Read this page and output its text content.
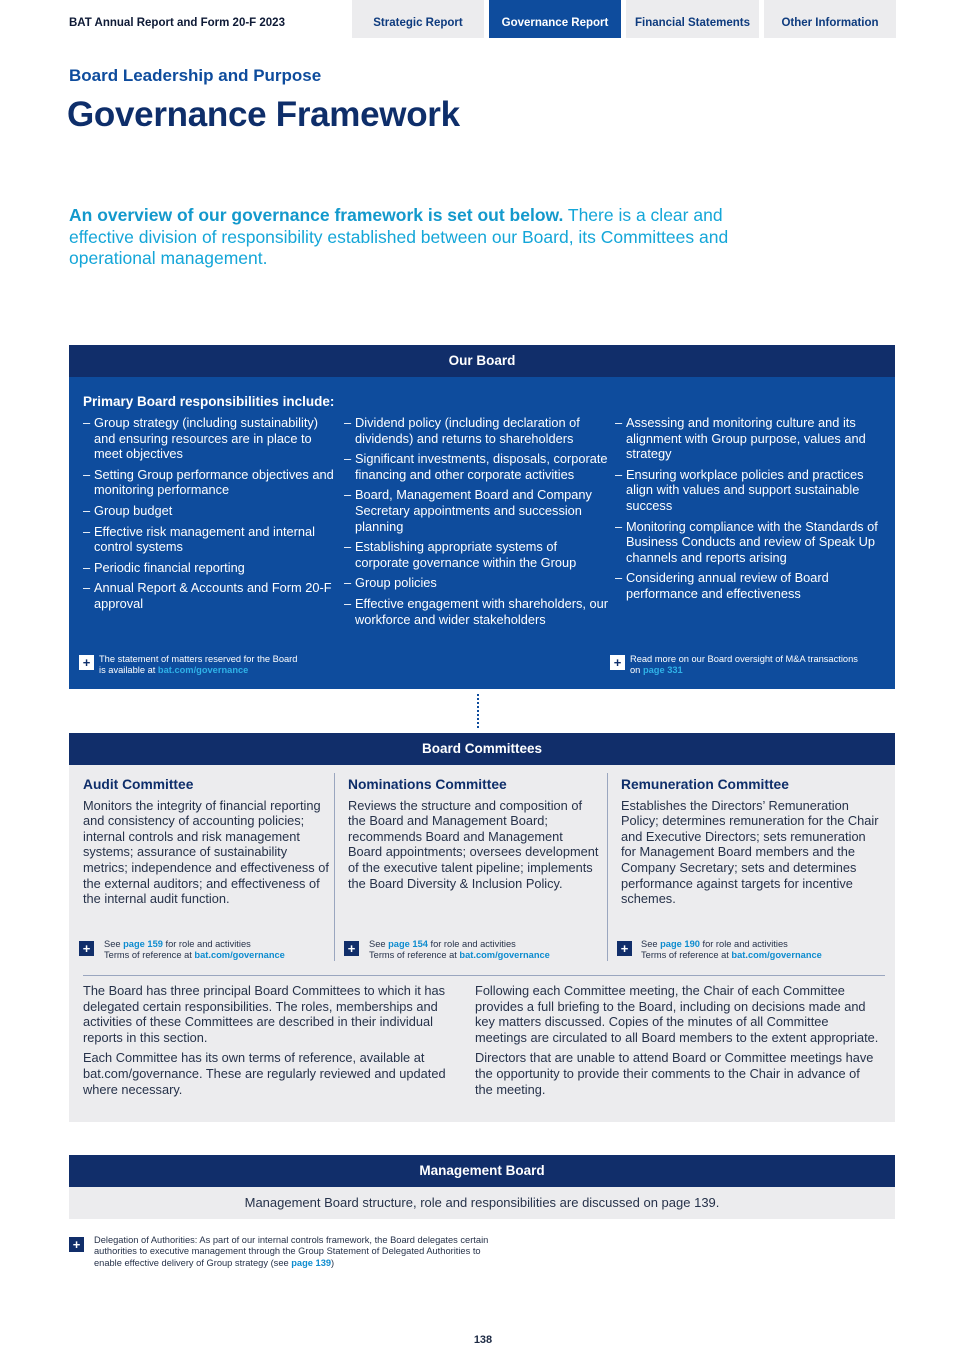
BAT Annual Report and Form 20-F 2023	Strategic Report	Governance Report	Financial Statements	Other Information
Board Leadership and Purpose
Governance Framework
An overview of our governance framework is set out below. There is a clear and effective division of responsibility established between our Board, its Committees and operational management.
Our Board
Primary Board responsibilities include:
– Group strategy (including sustainability) and ensuring resources are in place to meet objectives
– Setting Group performance objectives and monitoring performance
– Group budget
– Effective risk management and internal control systems
– Periodic financial reporting
– Annual Report & Accounts and Form 20-F approval
– Dividend policy (including declaration of dividends) and returns to shareholders
– Significant investments, disposals, corporate financing and other corporate activities
– Board, Management Board and Company Secretary appointments and succession planning
– Establishing appropriate systems of corporate governance within the Group
– Group policies
– Effective engagement with shareholders, our workforce and wider stakeholders
– Assessing and monitoring culture and its alignment with Group purpose, values and strategy
– Ensuring workplace policies and practices align with values and support sustainable success
– Monitoring compliance with the Standards of Business Conducts and review of Speak Up channels and reports arising
– Considering annual review of Board performance and effectiveness
+ The statement of matters reserved for the Board
is available at bat.com/governance	+ Read more on our Board oversight of M&A transactions
on page 331
Board Committees
Audit Committee
Monitors the integrity of financial reporting and consistency of accounting policies; internal controls and risk management systems; assurance of sustainability metrics; independence and effectiveness of the external auditors; and effectiveness of the internal audit function.
Nominations Committee
Reviews the structure and composition of the Board and Management Board; recommends Board and Management Board appointments; oversees development of the executive talent pipeline; implements the Board Diversity & Inclusion Policy.
Remuneration Committee
Establishes the Directors’ Remuneration Policy; determines remuneration for the Chair and Executive Directors; sets remuneration for Management Board members and the Company Secretary; sets and determines performance against targets for incentive schemes.
+	See page 159 for role and activities
Terms of reference at bat.com/governance	+	See page 154 for role and activities
Terms of reference at bat.com/governance	+	See page 190 for role and activities
Terms of reference at bat.com/governance

The Board has three principal Board Committees to which it has delegated certain responsibilities. The roles, memberships and activities of these Committees are described in their individual reports in this section.

Each Committee has its own terms of reference, available at bat.com/governance. These are regularly reviewed and updated where necessary.

Following each Committee meeting, the Chair of each Committee provides a full briefing to the Board, including on decisions made and key matters discussed. Copies of the minutes of all Committee meetings are circulated to all Board members to the extent appropriate.

Directors that are unable to attend Board or Committee meetings have the opportunity to provide their comments to the Chair in advance of the meeting.

Management Board
Management Board structure, role and responsibilities are discussed on page 139.
+	Delegation of Authorities: As part of our internal controls framework, the Board delegates certain authorities to executive management through the Group Statement of Delegated Authorities to enable effective delivery of Group strategy (see page 139)
138
